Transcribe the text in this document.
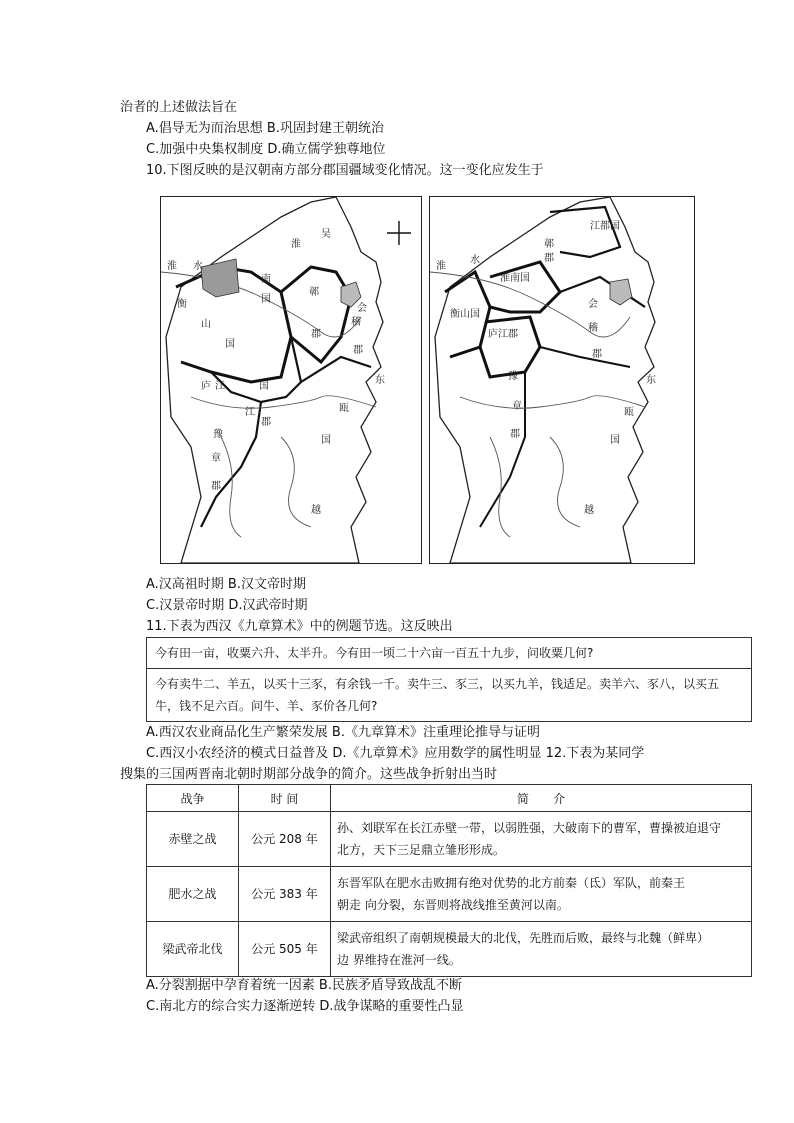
治者的上述做法旨在
A.倡导无为而治思想 B.巩固封建王朝统治
C.加强中央集权制度 D.确立儒学独尊地位
10.下图反映的是汉朝南方部分郡国疆域变化情况。这一变化应发生于
吴
淮
南
国
衡
山
国
鄣
郡
会
稽
郡
庐 江	国
豫
章
郡
东
瓯
国
越
淮 水
江
郡
江都国
淮南国
衡山国
庐江郡
鄣
郡
会
稽
郡
豫
章
郡
东
瓯
国
越
淮
水
A.汉高祖时期 B.汉文帝时期
C.汉景帝时期 D.汉武帝时期
11.下表为西汉《九章算术》中的例题节选。这反映出
今有田一亩，收粟六升、太半升。今有田一顷二十六亩一百五十九步，问收粟几何?

今有卖牛二、羊五，以买十三豕，有余钱一千。卖牛三、豕三，以买九羊，钱适足。卖羊六、豕八，以买五
牛，钱不足六百。问牛、羊、豕价各几何?
A.西汉农业商品化生产繁荣发展 B.《九章算术》注重理论推导与证明
C.西汉小农经济的模式日益普及 D.《九章算术》应用数学的属性明显 12.下表为某同学
搜集的三国两晋南北朝时期部分战争的简介。这些战争折射出当时
战争	时 间	简　　介
赤壁之战	公元 208 年	孙、刘联军在长江赤壁一带，以弱胜强，大破南下的曹军，曹操被迫退守
北方，天下三足鼎立雏形形成。

肥水之战	公元 383 年	东晋军队在肥水击败拥有绝对优势的北方前秦（氐）军队，前秦王
朝走 向分裂，东晋则将战线推至黄河以南。

梁武帝北伐	公元 505 年	梁武帝组织了南朝规模最大的北伐，先胜而后败，最终与北魏（鲜卑）
边 界维持在淮河一线。
A.分裂割据中孕育着统一因素 B.民族矛盾导致战乱不断
C.南北方的综合实力逐渐逆转 D.战争谋略的重要性凸显
